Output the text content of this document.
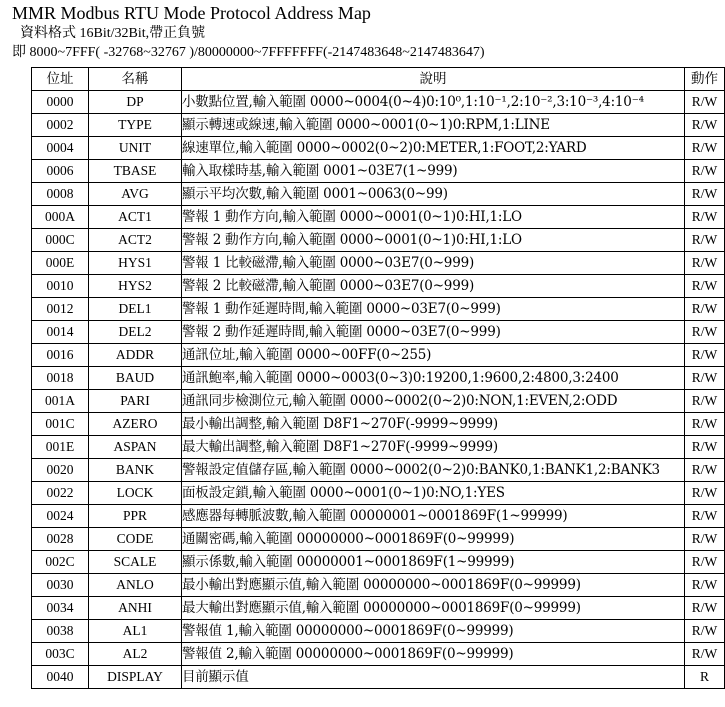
MMR Modbus RTU Mode Protocol Address Map
資料格式 16Bit/32Bit,帶正負號
即 8000~7FFF( -32768~32767 )/80000000~7FFFFFFF(-2147483648~2147483647)
位址	名稱	說明	動作
0000	DP	小數點位置,輸入範圍 0000~0004(0~4)0:10⁰,1:10⁻¹,2:10⁻²,3:10⁻³,4:10⁻⁴	R/W
0002	TYPE	顯示轉速或線速,輸入範圍 0000~0001(0~1)0:RPM,1:LINE	R/W
0004	UNIT	線速單位,輸入範圍 0000~0002(0~2)0:METER,1:FOOT,2:YARD	R/W
0006	TBASE	輸入取樣時基,輸入範圍 0001~03E7(1~999)	R/W
0008	AVG	顯示平均次數,輸入範圍 0001~0063(0~99)	R/W
000A	ACT1	警報 1 動作方向,輸入範圍 0000~0001(0~1)0:HI,1:LO	R/W
000C	ACT2	警報 2 動作方向,輸入範圍 0000~0001(0~1)0:HI,1:LO	R/W
000E	HYS1	警報 1 比較磁滯,輸入範圍 0000~03E7(0~999)	R/W
0010	HYS2	警報 2 比較磁滯,輸入範圍 0000~03E7(0~999)	R/W
0012	DEL1	警報 1 動作延遲時間,輸入範圍 0000~03E7(0~999)	R/W
0014	DEL2	警報 2 動作延遲時間,輸入範圍 0000~03E7(0~999)	R/W
0016	ADDR	通訊位址,輸入範圍 0000~00FF(0~255)	R/W
0018	BAUD	通訊鮑率,輸入範圍 0000~0003(0~3)0:19200,1:9600,2:4800,3:2400	R/W
001A	PARI	通訊同步檢測位元,輸入範圍 0000~0002(0~2)0:NON,1:EVEN,2:ODD	R/W
001C	AZERO	最小輸出調整,輸入範圍 D8F1~270F(-9999~9999)	R/W
001E	ASPAN	最大輸出調整,輸入範圍 D8F1~270F(-9999~9999)	R/W
0020	BANK	警報設定值儲存區,輸入範圍 0000~0002(0~2)0:BANK0,1:BANK1,2:BANK3	R/W
0022	LOCK	面板設定鎖,輸入範圍 0000~0001(0~1)0:NO,1:YES	R/W
0024	PPR	感應器每轉脈波數,輸入範圍 00000001~0001869F(1~99999)	R/W
0028	CODE	通關密碼,輸入範圍 00000000~0001869F(0~99999)	R/W
002C	SCALE	顯示係數,輸入範圍 00000001~0001869F(1~99999)	R/W
0030	ANLO	最小輸出對應顯示值,輸入範圍 00000000~0001869F(0~99999)	R/W
0034	ANHI	最大輸出對應顯示值,輸入範圍 00000000~0001869F(0~99999)	R/W
0038	AL1	警報值 1,輸入範圍 00000000~0001869F(0~99999)	R/W
003C	AL2	警報值 2,輸入範圍 00000000~0001869F(0~99999)	R/W
0040	DISPLAY	目前顯示值	R
